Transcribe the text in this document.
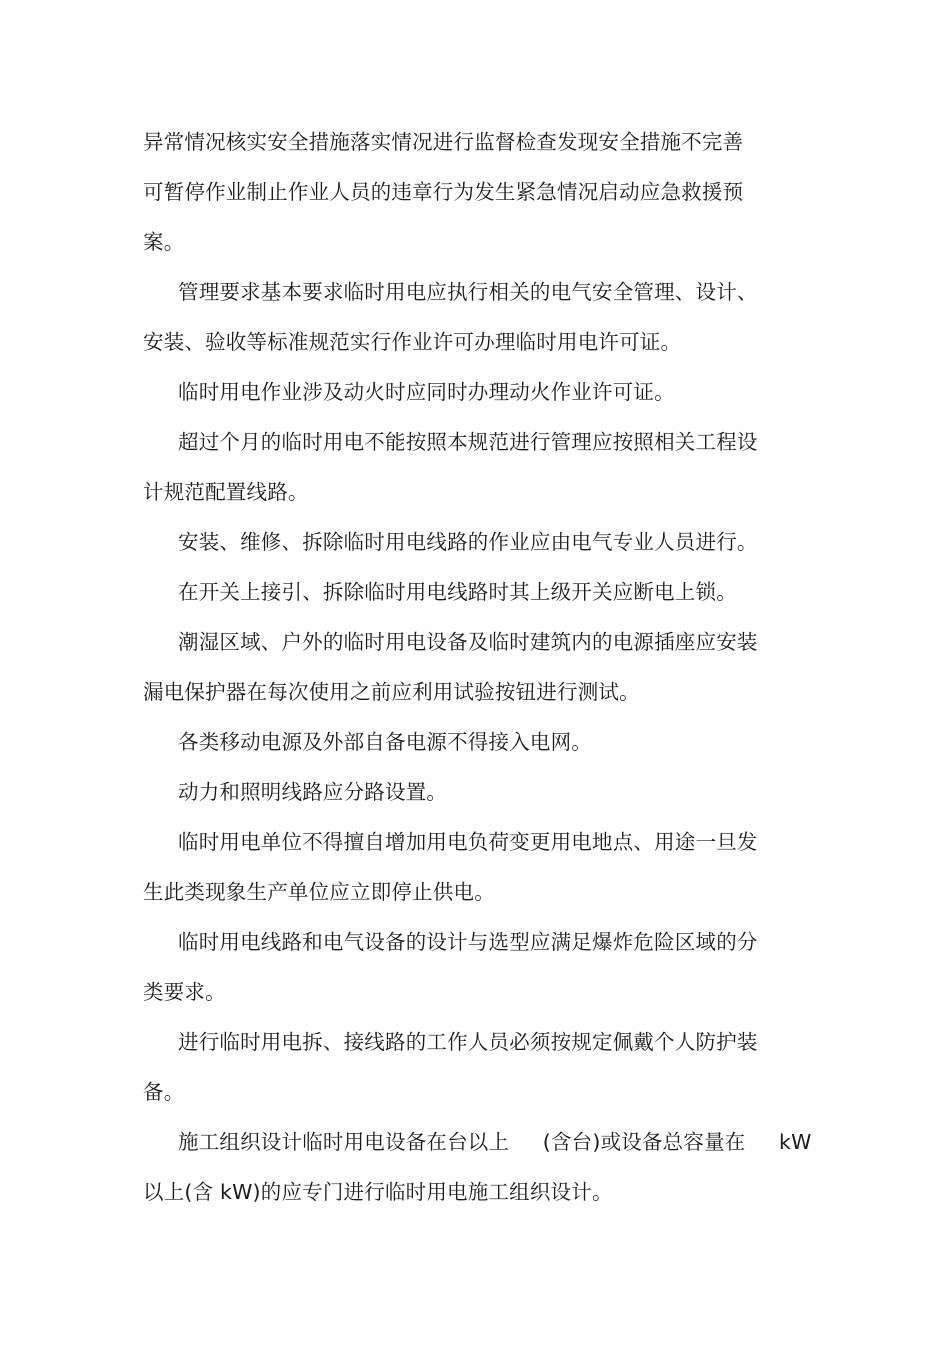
异常情况核实安全措施落实情况进行监督检查发现安全措施不完善
可暂停作业制止作业人员的违章行为发生紧急情况启动应急救援预
案。
管理要求基本要求临时用电应执行相关的电气安全管理、设计、
安装、验收等标准规范实行作业许可办理临时用电许可证。
临时用电作业涉及动火时应同时办理动火作业许可证。
超过个月的临时用电不能按照本规范进行管理应按照相关工程设
计规范配置线路。
安装、维修、拆除临时用电线路的作业应由电气专业人员进行。
在开关上接引、拆除临时用电线路时其上级开关应断电上锁。
潮湿区域、户外的临时用电设备及临时建筑内的电源插座应安装
漏电保护器在每次使用之前应利用试验按钮进行测试。
各类移动电源及外部自备电源不得接入电网。
动力和照明线路应分路设置。
临时用电单位不得擅自增加用电负荷变更用电地点、用途一旦发
生此类现象生产单位应立即停止供电。
临时用电线路和电气设备的设计与选型应满足爆炸危险区域的分
类要求。
进行临时用电拆、接线路的工作人员必须按规定佩戴个人防护装
备。
施工组织设计临时用电设备在台以上     (含台)或设备总容量在     kW
以上(含 kW)的应专门进行临时用电施工组织设计。
